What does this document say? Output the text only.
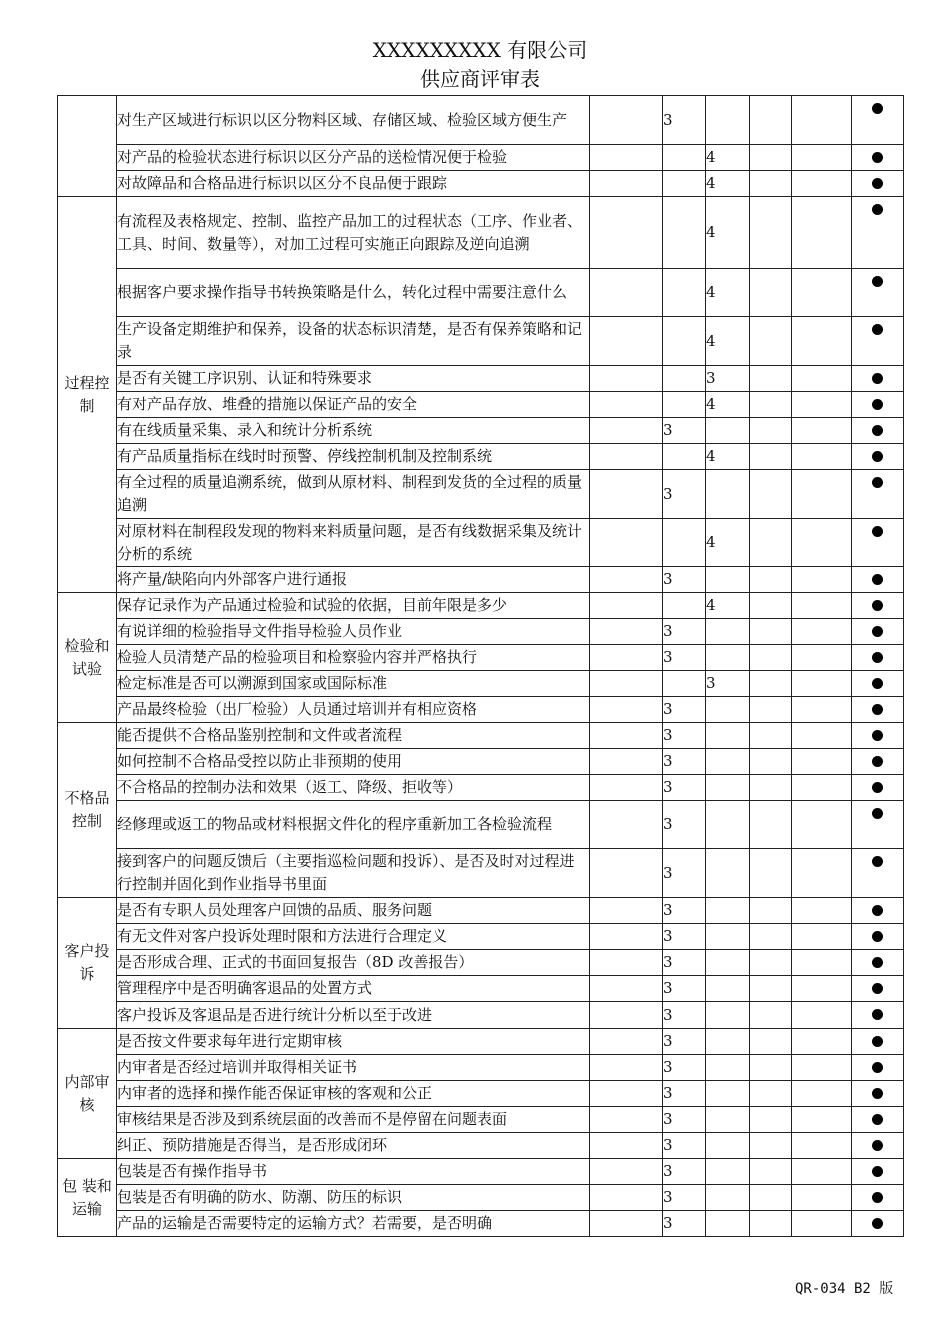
XXXXXXXXX 有限公司
供应商评审表
	对生产区域进行标识以区分物料区域、存储区域、检验区域方便生产		3				
	对产品的检验状态进行标识以区分产品的送检情况便于检验			4			
	对故障品和合格品进行标识以区分不良品便于跟踪			4			
过程控制	有流程及表格规定、控制、监控产品加工的过程状态（工序、作业者、工具、时间、数量等），对加工过程可实施正向跟踪及逆向追溯			4			
	根据客户要求操作指导书转换策略是什么，转化过程中需要注意什么			4			
	生产设备定期维护和保养，设备的状态标识清楚，是否有保养策略和记录			4			
	是否有关键工序识别、认证和特殊要求			3			
	有对产品存放、堆叠的措施以保证产品的安全			4			
	有在线质量采集、录入和统计分析系统		3				
	有产品质量指标在线时时预警、停线控制机制及控制系统			4			
	有全过程的质量追溯系统，做到从原材料、制程到发货的全过程的质量追溯		3				
	对原材料在制程段发现的物料来料质量问题，是否有线数据采集及统计分析的系统			4			
	将产量/缺陷向内外部客户进行通报		3				
检验和试验	保存记录作为产品通过检验和试验的依据，目前年限是多少			4			
	有说详细的检验指导文件指导检验人员作业		3				
	检验人员清楚产品的检验项目和检察验内容并严格执行		3				
	检定标准是否可以溯源到国家或国际标准			3			
	产品最终检验（出厂检验）人员通过培训并有相应资格		3				
不格品控制	能否提供不合格品鉴别控制和文件或者流程		3				
	如何控制不合格品受控以防止非预期的使用		3				
	不合格品的控制办法和效果（返工、降级、拒收等）		3				
	经修理或返工的物品或材料根据文件化的程序重新加工各检验流程		3				
	接到客户的问题反馈后（主要指巡检问题和投诉）、是否及时对过程进行控制并固化到作业指导书里面		3				
客户投诉	是否有专职人员处理客户回馈的品质、服务问题		3				
	有无文件对客户投诉处理时限和方法进行合理定义		3				
	是否形成合理、正式的书面回复报告（8D 改善报告）		3				
	管理程序中是否明确客退品的处置方式		3				
	客户投诉及客退品是否进行统计分析以至于改进		3				
内部审核	是否按文件要求每年进行定期审核		3				
	内审者是否经过培训并取得相关证书		3				
	内审者的选择和操作能否保证审核的客观和公正		3				
	审核结果是否涉及到系统层面的改善而不是停留在问题表面		3				
	纠正、预防措施是否得当，是否形成闭环		3				
包 装和 运输	包装是否有操作指导书		3				
	包装是否有明确的防水、防潮、防压的标识		3				
	产品的运输是否需要特定的运输方式？若需要，是否明确		3				
QR-034 B2 版
